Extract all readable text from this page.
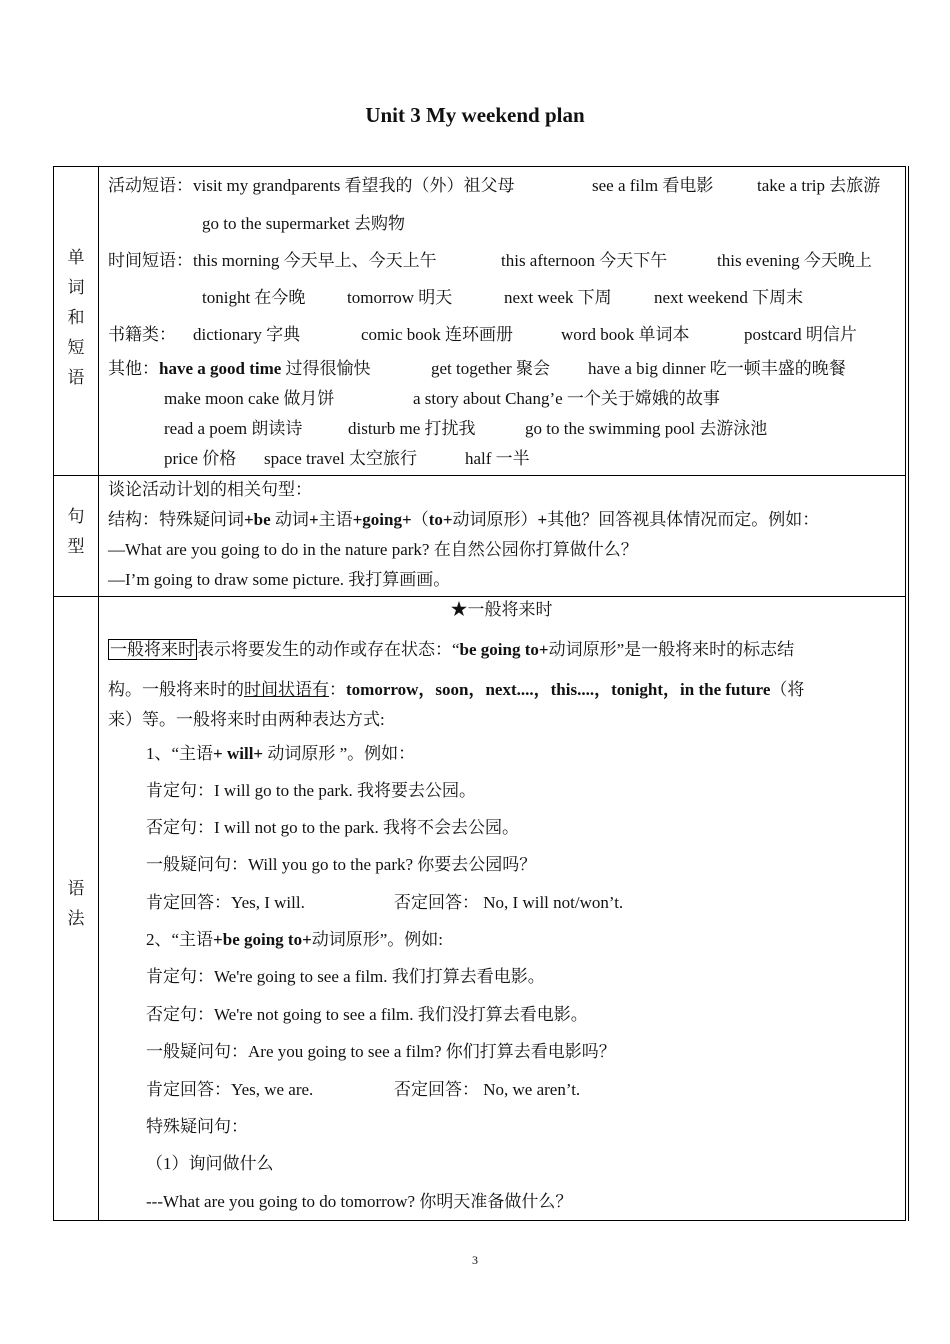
Unit 3 My weekend plan
单
词
和
短
语
活动短语：visit my grandparents 看望我的（外）祖父母	see a film 看电影	take a trip 去旅游
go to the supermarket 去购物
时间短语：this morning 今天早上、今天上午	this afternoon 今天下午	this evening 今天晚上
tonight 在今晚 tomorrow 明天	next week 下周 next weekend 下周末
书籍类： dictionary 字典	comic book 连环画册	word book 单词本	postcard 明信片
其他：have a good time 过得很愉快	get together 聚会 have a big dinner 吃一顿丰盛的晚餐
make moon cake 做月饼	a story about Chang’e 一个关于嫦娥的故事
read a poem 朗读诗	disturb me 打扰我	go to the swimming pool 去游泳池
price 价格 space travel 太空旅行	half 一半
句
型
谈论活动计划的相关句型：
结构：特殊疑问词+be 动词+主语+going+（to+动词原形）+其他？回答视具体情况而定。例如：
—What are you going to do in the nature park? 在自然公园你打算做什么？
—I’m going to draw some picture. 我打算画画。
语
法
★一般将来时
一般将来时 表示将要发生的动作或存在状态：“be going to+动词原形”是一般将来时的标志结
构。一般将来时的时间状语有：tomorrow，soon，next....，this....，tonight，in the future（将
来）等。一般将来时由两种表达方式:
1、“主语+ will+ 动词原形 ”。例如：
肯定句：I will go to the park. 我将要去公园。
否定句：I will not go to the park. 我将不会去公园。
一般疑问句：Will you go to the park? 你要去公园吗？
肯定回答：Yes, I will.	否定回答： No, I will not/won’t.
2、“主语+be going to+动词原形”。例如:
肯定句：We're going to see a film. 我们打算去看电影。
否定句：We're not going to see a film. 我们没打算去看电影。
一般疑问句：Are you going to see a film? 你们打算去看电影吗？
肯定回答：Yes, we are.	否定回答： No, we aren’t.
特殊疑问句：
（1）询问做什么
---What are you going to do tomorrow? 你明天准备做什么？
3
